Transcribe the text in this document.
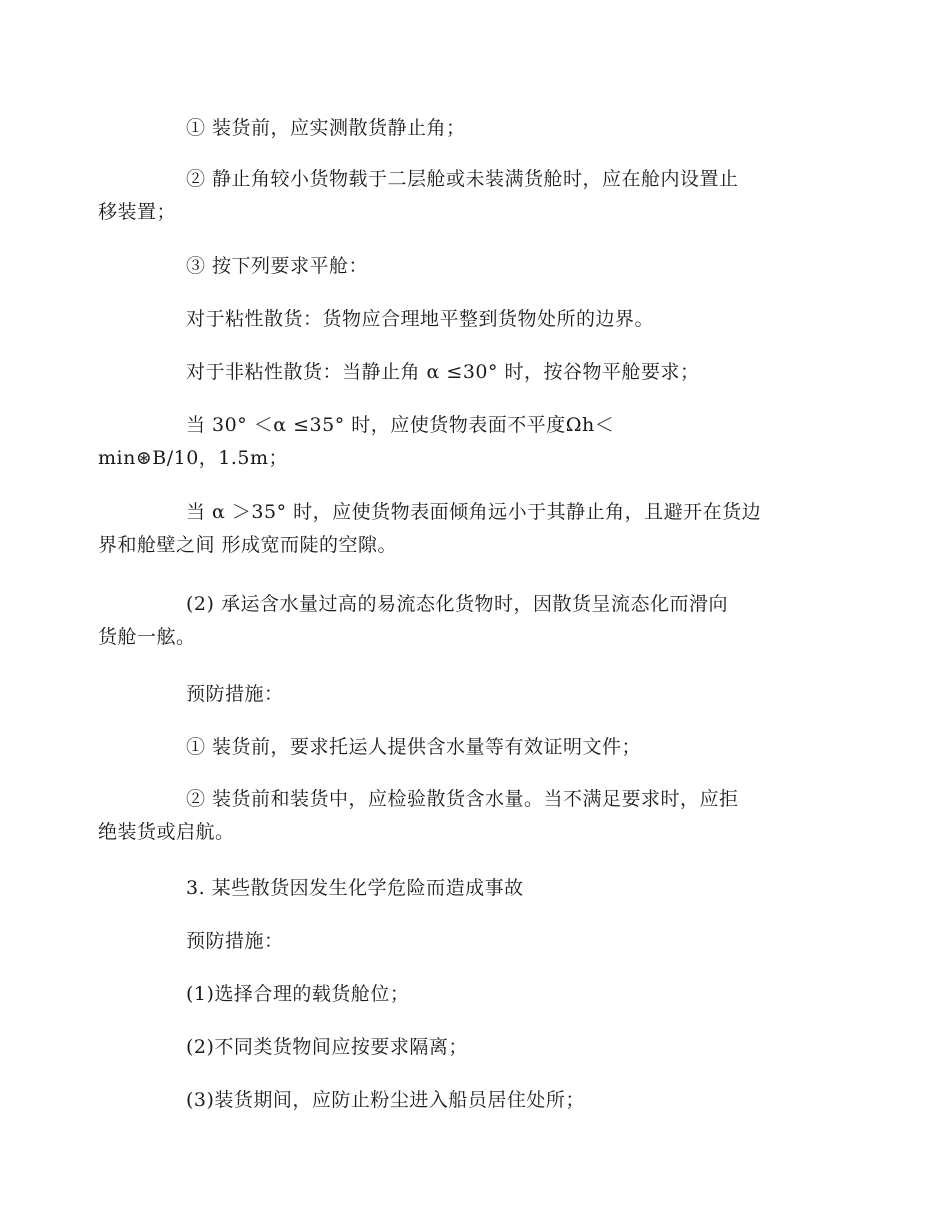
① 装货前，应实测散货静止角；

② 静止角较小货物载于二层舱或未装满货舱时，应在舱内设置止
移装置；

③ 按下列要求平舱：

对于粘性散货：货物应合理地平整到货物处所的边界。

对于非粘性散货：当静止角 α ≤30° 时，按谷物平舱要求；

当 30° ＜α ≤35° 时，应使货物表面不平度Ωh＜
min⊛B/10，1.5m；

当 α ＞35° 时，应使货物表面倾角远小于其静止角，且避开在货边
界和舱壁之间 形成宽而陡的空隙。

(2) 承运含水量过高的易流态化货物时，因散货呈流态化而滑向
货舱一舷。

预防措施：

① 装货前，要求托运人提供含水量等有效证明文件；

② 装货前和装货中，应检验散货含水量。当不满足要求时，应拒
绝装货或启航。

3. 某些散货因发生化学危险而造成事故

预防措施：

(1)选择合理的载货舱位；

(2)不同类货物间应按要求隔离；

(3)装货期间，应防止粉尘进入船员居住处所；
